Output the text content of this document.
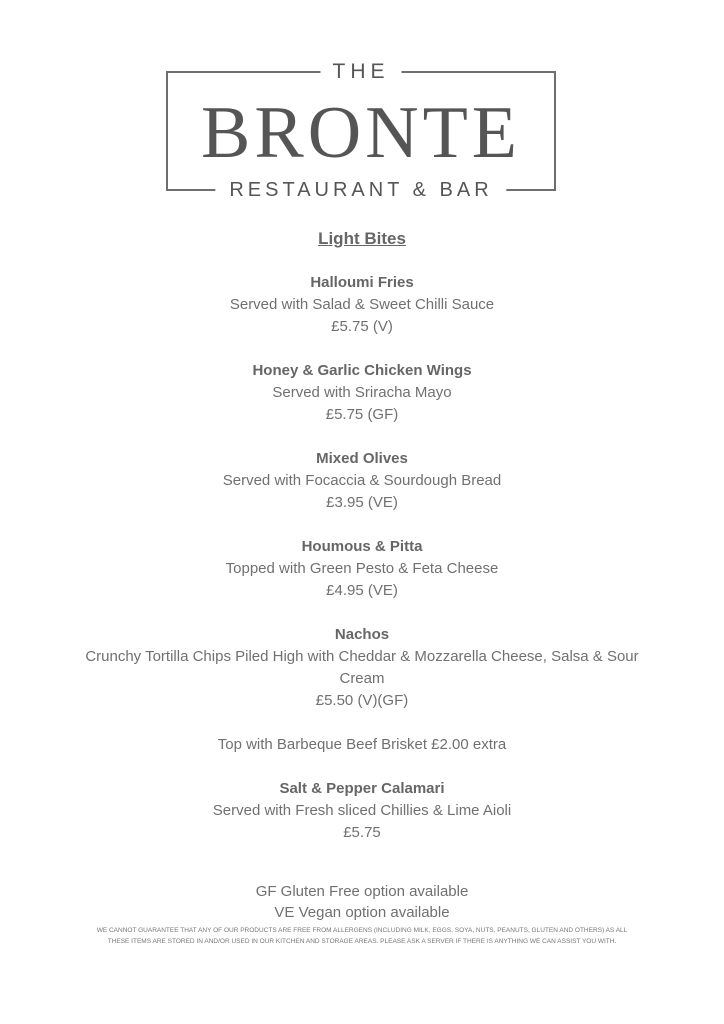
THE
BRONTE
RESTAURANT & BAR
Light Bites
Halloumi Fries
Served with Salad & Sweet Chilli Sauce
£5.75 (V)
Honey & Garlic Chicken Wings
Served with Sriracha Mayo
£5.75 (GF)
Mixed Olives
Served with Focaccia & Sourdough Bread
£3.95 (VE)
Houmous & Pitta
Topped with Green Pesto & Feta Cheese
£4.95 (VE)
Nachos
Crunchy Tortilla Chips Piled High with Cheddar & Mozzarella Cheese, Salsa & Sour Cream
£5.50 (V)(GF)
Top with Barbeque Beef Brisket £2.00 extra
Salt & Pepper Calamari
Served with Fresh sliced Chillies & Lime Aioli
£5.75
GF Gluten Free option available
VE Vegan option available
WE CANNOT GUARANTEE THAT ANY OF OUR PRODUCTS ARE FREE FROM ALLERGENS (INCLUDING MILK, EGGS, SOYA, NUTS, PEANUTS, GLUTEN AND OTHERS) AS ALL THESE ITEMS ARE STORED IN AND/OR USED IN OUR KITCHEN AND STORAGE AREAS. PLEASE ASK A SERVER IF THERE IS ANYTHING WE CAN ASSIST YOU WITH.
